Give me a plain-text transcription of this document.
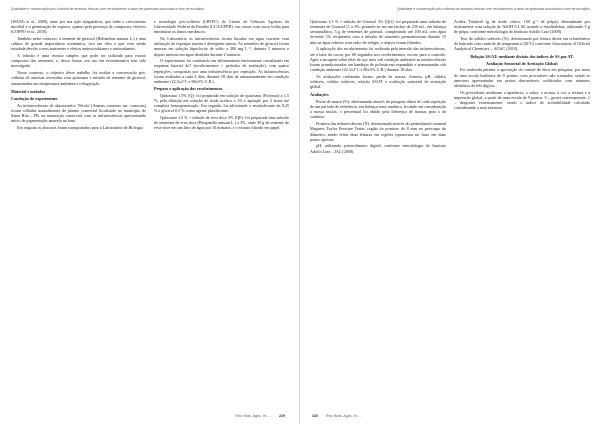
Qualidade e conservação pós-colheita de ameixas frescas com recobrimento à base de quitosana associada a óleo de eucalipto

(WANG et al., 2009), tanto por sua ação fungistática, que inibe o crescimento micelial e a germinação de esporos, quanto pela presença de compostos efetivos (COPPO et al., 2018).

Também neste contexto, a semente de girassol (Helianthus annuus L.) é uma cultura de grande importância econômica, rica em óleo e que vem sendo estudada devido a seus nutrientes e efeitos antimicrobianos e antioxidantes.

A infusão é uma técnica simples que pode ser utilizada para extrair compostos das sementes, e, dessa forma, seu uso em revestimentos tem sido investigado.

Nesse contexto, o objetivo deste trabalho foi avaliar a conservação pós-colheita de ameixas revestidas com quitosana e infusão de semente de girassol, armazenadas em temperatura ambiente e refrigeração.

Material e métodos

Condução do experimento

As infrutescências de abacaxizeiro 'Pérola' (Ananas comosus var. comosus) foram colhidas manualmente de plantio comercial localizado no município de Santa Rita – PB, na maturação comercial, com as infrutescências apresentando início de pigmentação amarela na base.

Em seguida os abacaxis foram transportados para o Laboratório de Biologia

e tecnologia pós-colheita (LBTPC) do Centro de Ciências Agrárias da Universidade Federal da Paraíba (CCA/UFPB), em caixas com sacos bolha para minimizar os danos mecânicos.

No Laboratório as infrutescências foram lavadas em água corrente com utilização de esponjas macias e detergente neutro. As sementes de girassol foram imersas em solução hipoclorito de sódio a 200 mg L⁻¹, durante 5 minutos e depois imersas em água destilada durante 2 minutos.

O experimento foi conduzido em delineamento inteiramente casualizado em esquema fatorial 4x7 (recobrimentos × períodos de avaliação), com quatro repetições, compostas por uma infrutescência por repetição. As infrutescências foram avaliadas a cada 3 dias, durante 18 dias de armazenamento em condição ambiente (22,3±2°C e 86±5% U.R.).

Preparo e aplicação dos recobrimentos

Quitosana 1,5% (Q): foi preparada em solução de quitosana (Polymar) a 1,5 %, pela diluição em solução de ácido acético a 1% e agitação por 2 horas até completa homogeneização. Em seguida, foi adicionado o emulsificante de 0,25 % e glicerol 0,5 % como agente plastificante.

Quitosana 1,5 % + infusão de erva doce 3% (QE): foi preparada uma infusão de sementes de erva doce (Pimpinella anisum L.) a 3%, onde 30 g de semente de erva-doce em um litro de água por 10 minutos, e o extrato filtrado em papel.

Rev. Bras. Agric. Irr. ... 229
Qualidade e conservação pós-colheita de ameixas frescas com recobrimento à base de quitosana associada a óleo de eucalipto

Quitosana 1,5 % + infusão de Girassol 3% (QG): foi preparada uma infusão de sementes de Girassol (1 a 3%, pesando-se em um becker de 250 mL, em balança semianalítica, 3 g de sementes de girassol, completando até 100 mL com água fervente. Os recipientes com a infusão de sementes permaneceram durante 15 min na água coberto com vidro de relógio, e depois foram filtrados.

A aplicação dos recobrimentos foi realizada pela imersão das infrutescências, até a base da coroa, por 60 segundos nos recobrimentos, exceto para o controle. Após a secagem sobre telas de aço inox sob condição ambiente as infrutescências foram acondicionadas em bandejas de poliestireno expandido e armazenadas sob condição ambiente (22,3±2°C e 86±5% U.R.) durante 18 dias.

As avaliações realizadas foram: perda de massa, firmeza, pH, sólidos solúveis, sólidos solúveis, relação SS/AT e avaliação sensorial de aceitação global.

Avaliações

Perda de massa (%): determinada através da pesagem diária de cada repetição de um período de referência, em balança semi-analítica, levando em consideração a massa inicial, o percentual foi obtido pela diferença de massas para o de contínuo.

Firmeza das infrutescências (N): determinada através do penetrômetro manual Magness Taylor Pressure Tester, região do ponteiro de 8 mm no pericarpo de diâmetro, sendo feitas duas leituras em regiões equatoriais no fruto em duas partes opostas.

pH: utilizando potenciômetro digital, conforme metodologia do Instituto Adolfo Lutz – IAL (2008).

Acidez Titulável (g de ácido cítrico. 100 g⁻¹ de polpa): determinada por titulometria com solução de NaOH 0,1 M, usando a fenolftaleína, utilizando 5 g de polpa, conforme metodologia do Instituto Adolfo Lutz (2008).

Teor de sólidos solúveis (%): determinado por leitura direta em refratômetro de bancada com controle de temperatura (20°C) conforme Association of Official Analytical Chemistry – AOAC (2010).

Relação SS/AT: mediante divisão dos índices de SS por AT.

Avaliação Sensorial de Aceitação Global:

Foi realizada perante a aprovação do comitê de ética em pesquisa, por meio de uma escala hedônica de 9 pontos, com provadores não treinados, sendo as amostras apresentadas em pratos descartáveis codificados com números aleatórios de três dígitos.

Os provadores avaliaram a aparência, o sabor, o aroma, a cor, a textura e a impressão global, a partir de uma escala de 9 pontos: 9 – gostei extremamente, 1 – desgostei extremamente, sendo o índice de aceitabilidade calculado considerando a nota máxima.

330 Rev. Bras. Agric. Irr. ...
